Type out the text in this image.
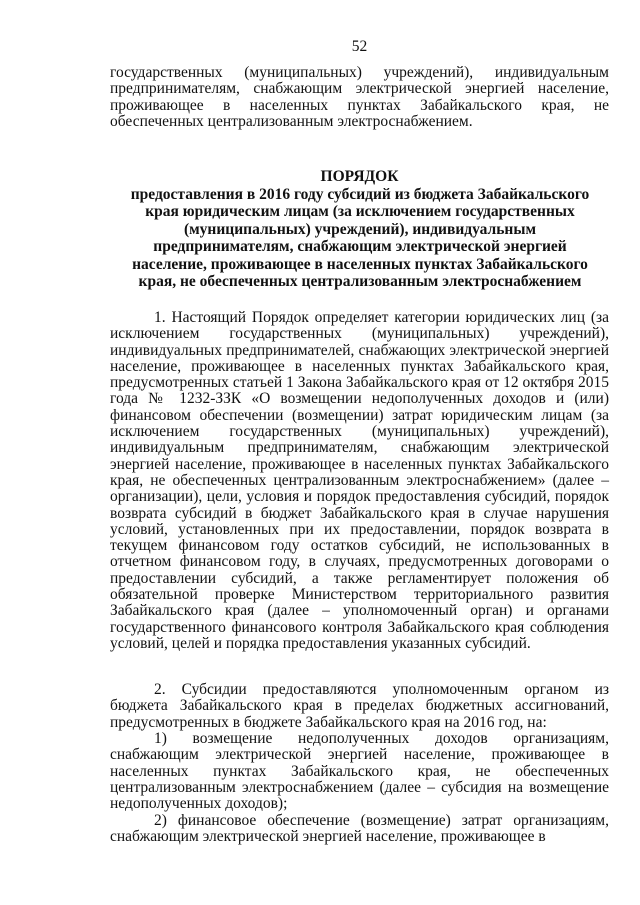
52
государственных (муниципальных) учреждений), индивидуальным предпринимателям, снабжающим электрической энергией население, проживающее в населенных пунктах Забайкальского края, не обеспеченных централизованным электроснабжением.
ПОРЯДОК
предоставления в 2016 году субсидий из бюджета Забайкальского края юридическим лицам (за исключением государственных (муниципальных) учреждений), индивидуальным предпринимателям, снабжающим электрической энергией население, проживающее в населенных пунктах Забайкальского края, не обеспеченных централизованным электроснабжением
1. Настоящий Порядок определяет категории юридических лиц (за исключением государственных (муниципальных) учреждений), индивидуальных предпринимателей, снабжающих электрической энергией население, проживающее в населенных пунктах Забайкальского края, предусмотренных статьей 1 Закона Забайкальского края от 12 октября 2015 года № 1232-ЗЗК «О возмещении недополученных доходов и (или) финансовом обеспечении (возмещении) затрат юридическим лицам (за исключением государственных (муниципальных) учреждений), индивидуальным предпринимателям, снабжающим электрической энергией население, проживающее в населенных пунктах Забайкальского края, не обеспеченных централизованным электроснабжением» (далее – организации), цели, условия и порядок предоставления субсидий, порядок возврата субсидий в бюджет Забайкальского края в случае нарушения условий, установленных при их предоставлении, порядок возврата в текущем финансовом году остатков субсидий, не использованных в отчетном финансовом году, в случаях, предусмотренных договорами о предоставлении субсидий, а также регламентирует положения об обязательной проверке Министерством территориального развития Забайкальского края (далее – уполномоченный орган) и органами государственного финансового контроля Забайкальского края соблюдения условий, целей и порядка предоставления указанных субсидий.
2. Субсидии предоставляются уполномоченным органом из бюджета Забайкальского края в пределах бюджетных ассигнований, предусмотренных в бюджете Забайкальского края на 2016 год, на:
1) возмещение недополученных доходов организациям, снабжающим электрической энергией население, проживающее в населенных пунктах Забайкальского края, не обеспеченных централизованным электроснабжением (далее – субсидия на возмещение недополученных доходов);
2) финансовое обеспечение (возмещение) затрат организациям, снабжающим электрической энергией население, проживающее в
